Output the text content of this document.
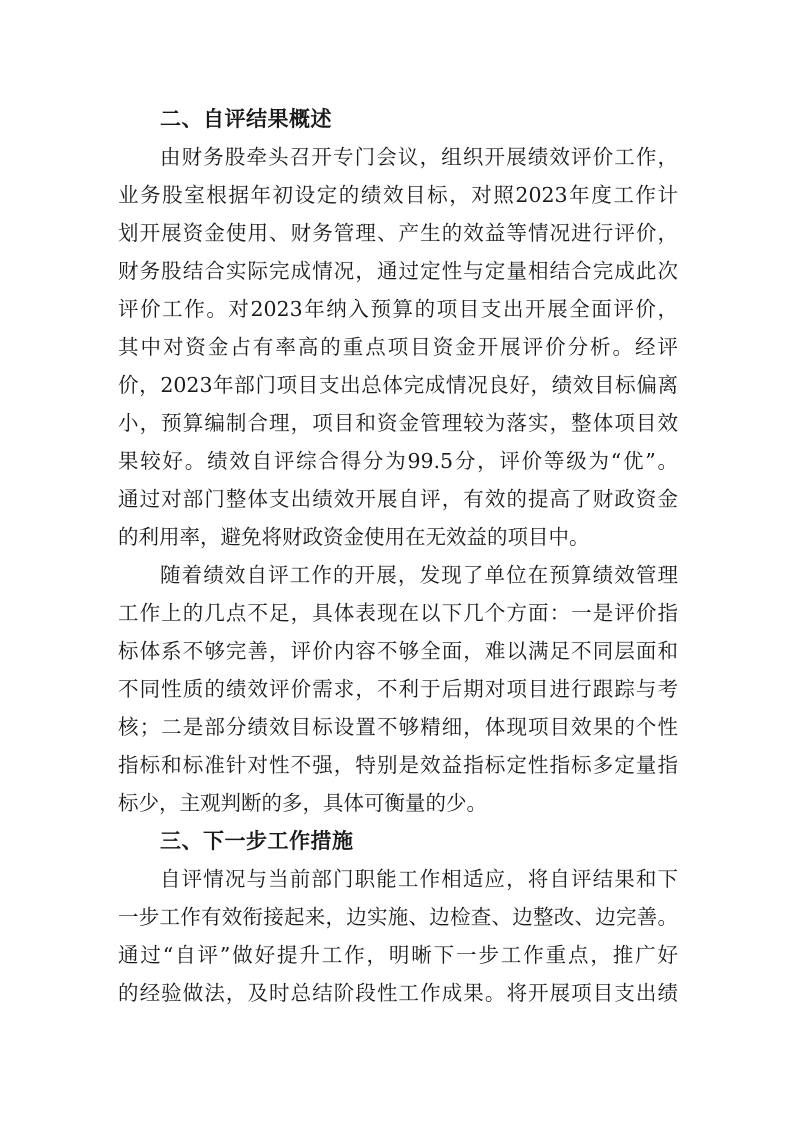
二、自评结果概述

由财务股牵头召开专门会议，组织开展绩效评价工作，
业务股室根据年初设定的绩效目标，对照2023年度工作计
划开展资金使用、财务管理、产生的效益等情况进行评价，
财务股结合实际完成情况，通过定性与定量相结合完成此次
评价工作。对2023年纳入预算的项目支出开展全面评价，
其中对资金占有率高的重点项目资金开展评价分析。经评
价，2023年部门项目支出总体完成情况良好，绩效目标偏离
小，预算编制合理，项目和资金管理较为落实，整体项目效
果较好。绩效自评综合得分为99.5分，评价等级为“优”。
通过对部门整体支出绩效开展自评，有效的提高了财政资金
的利用率，避免将财政资金使用在无效益的项目中。

随着绩效自评工作的开展，发现了单位在预算绩效管理
工作上的几点不足，具体表现在以下几个方面：一是评价指
标体系不够完善，评价内容不够全面，难以满足不同层面和
不同性质的绩效评价需求，不利于后期对项目进行跟踪与考
核；二是部分绩效目标设置不够精细，体现项目效果的个性
指标和标准针对性不强，特别是效益指标定性指标多定量指
标少，主观判断的多，具体可衡量的少。

三、下一步工作措施

自评情况与当前部门职能工作相适应，将自评结果和下
一步工作有效衔接起来，边实施、边检查、边整改、边完善。
通过“自评”做好提升工作，明晰下一步工作重点，推广好
的经验做法，及时总结阶段性工作成果。将开展项目支出绩
